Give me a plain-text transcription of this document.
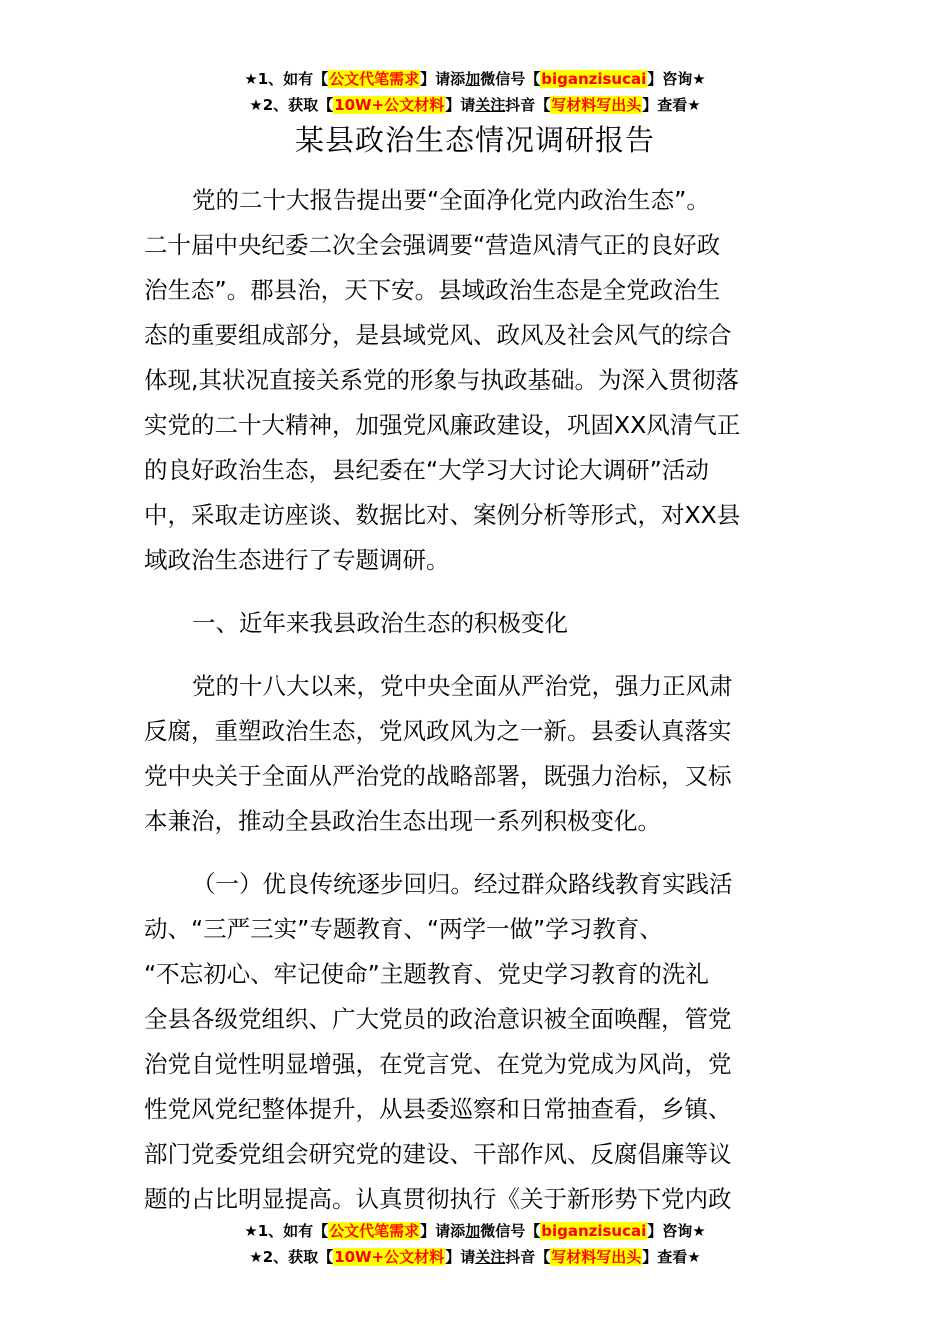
★1、如有【公文代笔需求】请添加微信号【biganzisucai】咨询★
★2、获取【10W+公文材料】请关注抖音【写材料写出头】查看★
某县政治生态情况调研报告
党的二十大报告提出要“全面净化党内政治生态”。
二十届中央纪委二次全会强调要“营造风清气正的良好政
治生态”。郡县治，天下安。县域政治生态是全党政治生
态的重要组成部分，是县域党风、政风及社会风气的综合
体现,其状况直接关系党的形象与执政基础。为深入贯彻落
实党的二十大精神，加强党风廉政建设，巩固XX风清气正
的良好政治生态，县纪委在“大学习大讨论大调研”活动
中，采取走访座谈、数据比对、案例分析等形式，对XX县
域政治生态进行了专题调研。
一、近年来我县政治生态的积极变化
党的十八大以来，党中央全面从严治党，强力正风肃
反腐，重塑政治生态，党风政风为之一新。县委认真落实
党中央关于全面从严治党的战略部署，既强力治标，又标
本兼治，推动全县政治生态出现一系列积极变化。
（一）优良传统逐步回归。经过群众路线教育实践活
动、“三严三实”专题教育、“两学一做”学习教育、
“不忘初心、牢记使命”主题教育、党史学习教育的洗礼
全县各级党组织、广大党员的政治意识被全面唤醒，管党
治党自觉性明显增强，在党言党、在党为党成为风尚，党
性党风党纪整体提升，从县委巡察和日常抽查看，乡镇、
部门党委党组会研究党的建设、干部作风、反腐倡廉等议
题的占比明显提高。认真贯彻执行《关于新形势下党内政
★1、如有【公文代笔需求】请添加微信号【biganzisucai】咨询★
★2、获取【10W+公文材料】请关注抖音【写材料写出头】查看★
